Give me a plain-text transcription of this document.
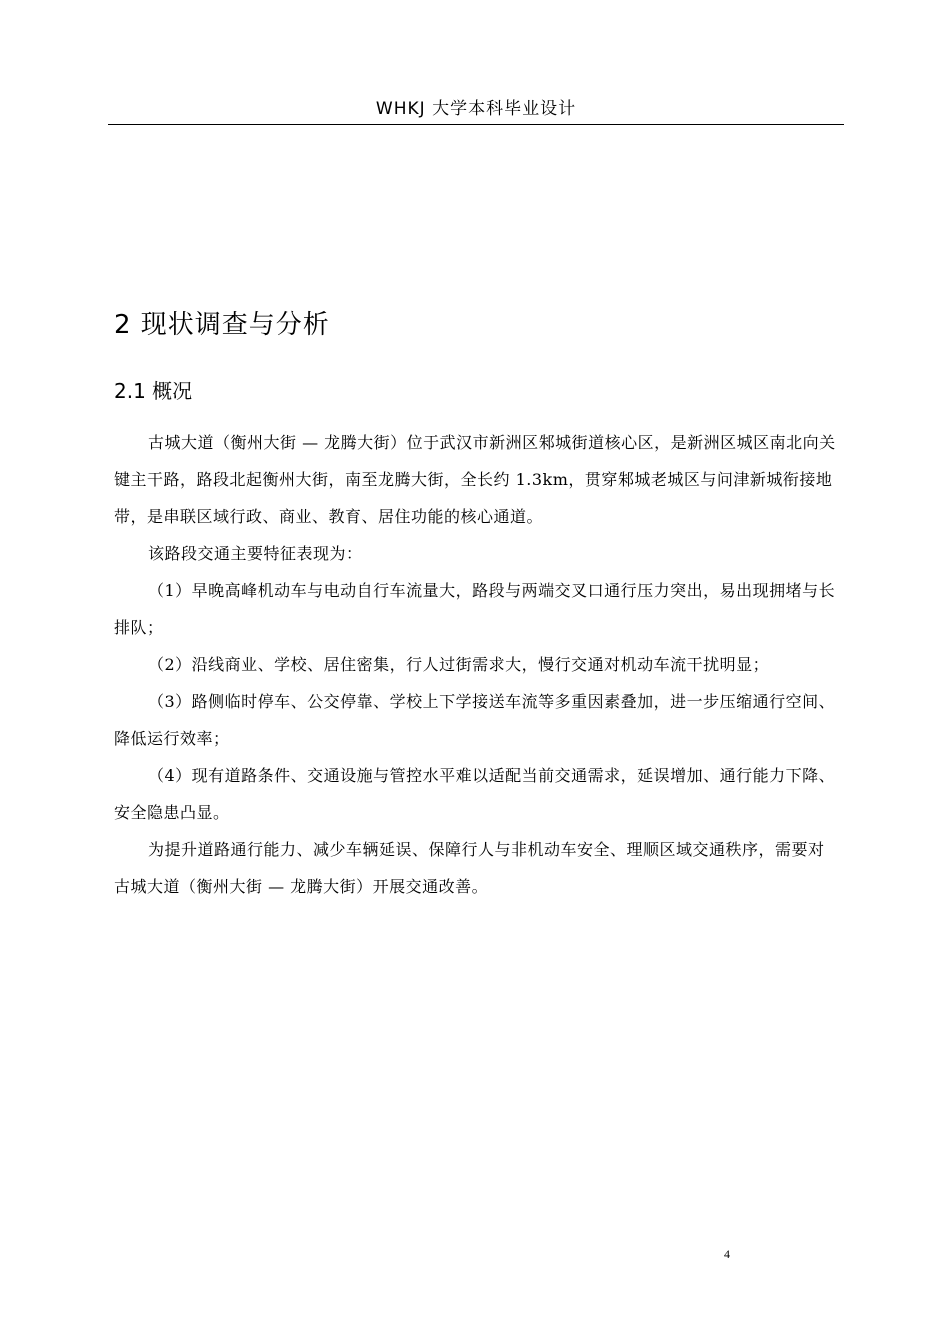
WHKJ 大学本科毕业设计
2 现状调查与分析
2.1 概况

古城大道（衡州大街 — 龙腾大街）位于武汉市新洲区邾城街道核心区，是新洲区城区南北向关键主干路，路段北起衡州大街，南至龙腾大街，全长约 1.3km，贯穿邾城老城区与问津新城衔接地带，是串联区域行政、商业、教育、居住功能的核心通道。

该路段交通主要特征表现为：

（1）早晚高峰机动车与电动自行车流量大，路段与两端交叉口通行压力突出，易出现拥堵与长排队；

（2）沿线商业、学校、居住密集，行人过街需求大，慢行交通对机动车流干扰明显；

（3）路侧临时停车、公交停靠、学校上下学接送车流等多重因素叠加，进一步压缩通行空间、降低运行效率；

（4）现有道路条件、交通设施与管控水平难以适配当前交通需求，延误增加、通行能力下降、安全隐患凸显。

为提升道路通行能力、减少车辆延误、保障行人与非机动车安全、理顺区域交通秩序，需要对古城大道（衡州大街 — 龙腾大街）开展交通改善。

4
